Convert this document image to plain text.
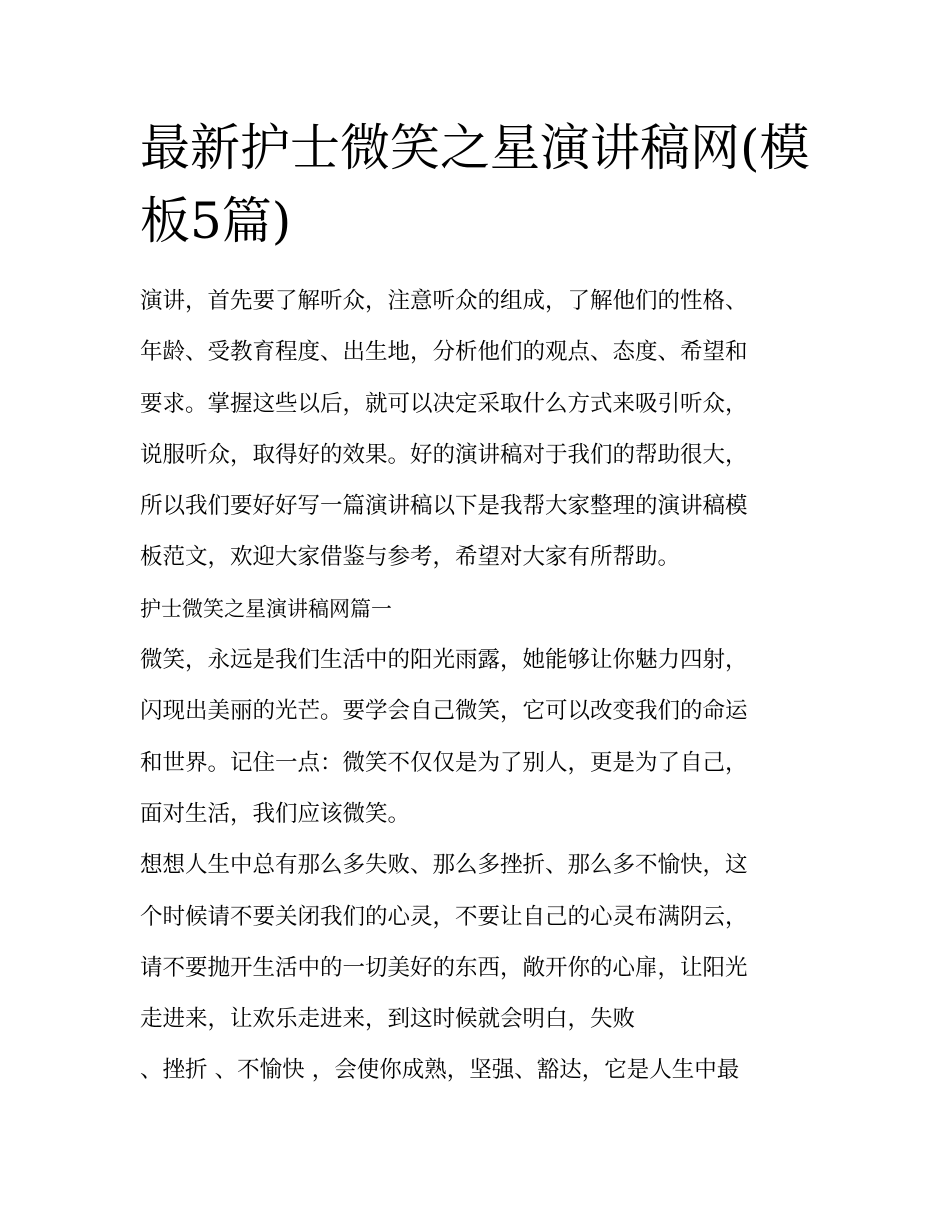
最新护士微笑之星演讲稿网(模
板5篇)
演讲，首先要了解听众，注意听众的组成，了解他们的性格、
年龄、受教育程度、出生地，分析他们的观点、态度、希望和
要求。掌握这些以后，就可以决定采取什么方式来吸引听众，
说服听众，取得好的效果。好的演讲稿对于我们的帮助很大，
所以我们要好好写一篇演讲稿以下是我帮大家整理的演讲稿模
板范文，欢迎大家借鉴与参考，希望对大家有所帮助。
护士微笑之星演讲稿网篇一
微笑，永远是我们生活中的阳光雨露，她能够让你魅力四射，
闪现出美丽的光芒。要学会自己微笑，它可以改变我们的命运
和世界。记住一点：微笑不仅仅是为了别人，更是为了自己，
面对生活，我们应该微笑。
想想人生中总有那么多失败、那么多挫折、那么多不愉快，这
个时候请不要关闭我们的心灵，不要让自己的心灵布满阴云，
请不要抛开生活中的一切美好的东西，敞开你的心扉，让阳光
走进来，让欢乐走进来，到这时候就会明白，失败
、挫折 、不愉快 ，会使你成熟，坚强、豁达，它是人生中最
